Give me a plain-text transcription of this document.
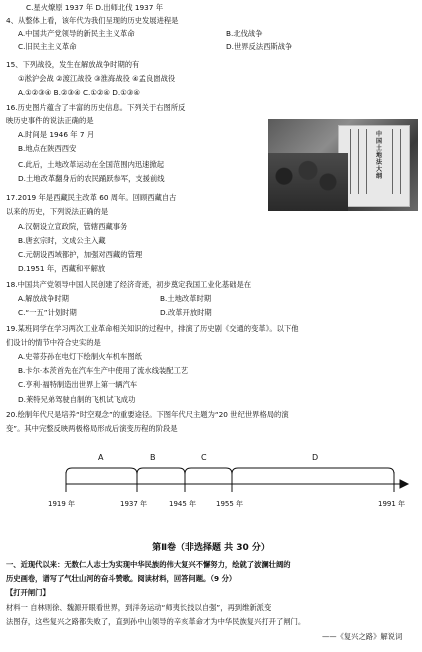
C.星火燎原 1937 年 D.出师北伐 1937 年
4、从整体上看，该年代为我们呈现的历史发展进程是
A.中国共产党领导的新民主主义革命	B.北伐战争
C.旧民主主义革命	D.世界反法西斯战争
15、下列战役，发生在解放战争时期的有
①淞沪会战 ②渡江战役 ③淮海战役 ④孟良崮战役
A.①②③④ B.②③④ C.①②④ D.①③④
16.历史图片蕴含了丰富的历史信息。下列关于右图所反
映历史事件的说法正确的是
A.时间是 1946 年 7 月
B.地点在陕西西安
C.此后，土地改革运动在全国范围内迅速掀起
D.土地改革翻身后的农民踊跃参军，支援前线
中国土地法大纲
17.2019 年是西藏民主改革 60 周年。回顾西藏自古
以来的历史，下列说法正确的是
A.汉朝设立宣政院，管辖西藏事务
B.唐玄宗时，文成公主入藏
C.元朝设西域都护，加强对西藏的管理
D.1951 年，西藏和平解放
18.中国共产党领导中国人民创建了经济奇迹，初步奠定我国工业化基础是在
A.解放战争时期	B.土地改革时期
C.“一五”计划时期	D.改革开放时期
19.某班同学在学习两次工业革命相关知识的过程中，排演了历史剧《交通的变革》。以下他
们设计的情节中符合史实的是
A.史蒂芬孙在电灯下绘制火车机车图纸
B.卡尔·本茨首先在汽车生产中使用了流水线装配工艺
C.亨利·福特制造出世界上第一辆汽车
D.莱特兄弟驾驶自制的飞机试飞成功
20.绘制年代尺是培养“时空观念”的重要途径。下图年代尺主题为“20 世纪世界格局的演
变”。其中完整反映两极格局形成后演变历程的阶段是
A	B	C	D
1919 年	1937 年	1945 年	1955 年	1991 年
第Ⅱ卷（非选择题 共 30 分）
一、近现代以来：无数仁人志士为实现中华民族的伟大复兴不懈努力，绘就了波澜壮阔的
历史画卷，谱写了气壮山河的奋斗赞歌。阅读材料，回答问题。（9 分）
【打开闸门】
材料一 自林则徐、魏源开眼看世界，到洋务运动“师夷长技以自强”，再到维新派变
法图存，这些复兴之路都失败了，直到孙中山领导的辛亥革命才为中华民族复兴打开了闸门。
——《复兴之路》解说词
